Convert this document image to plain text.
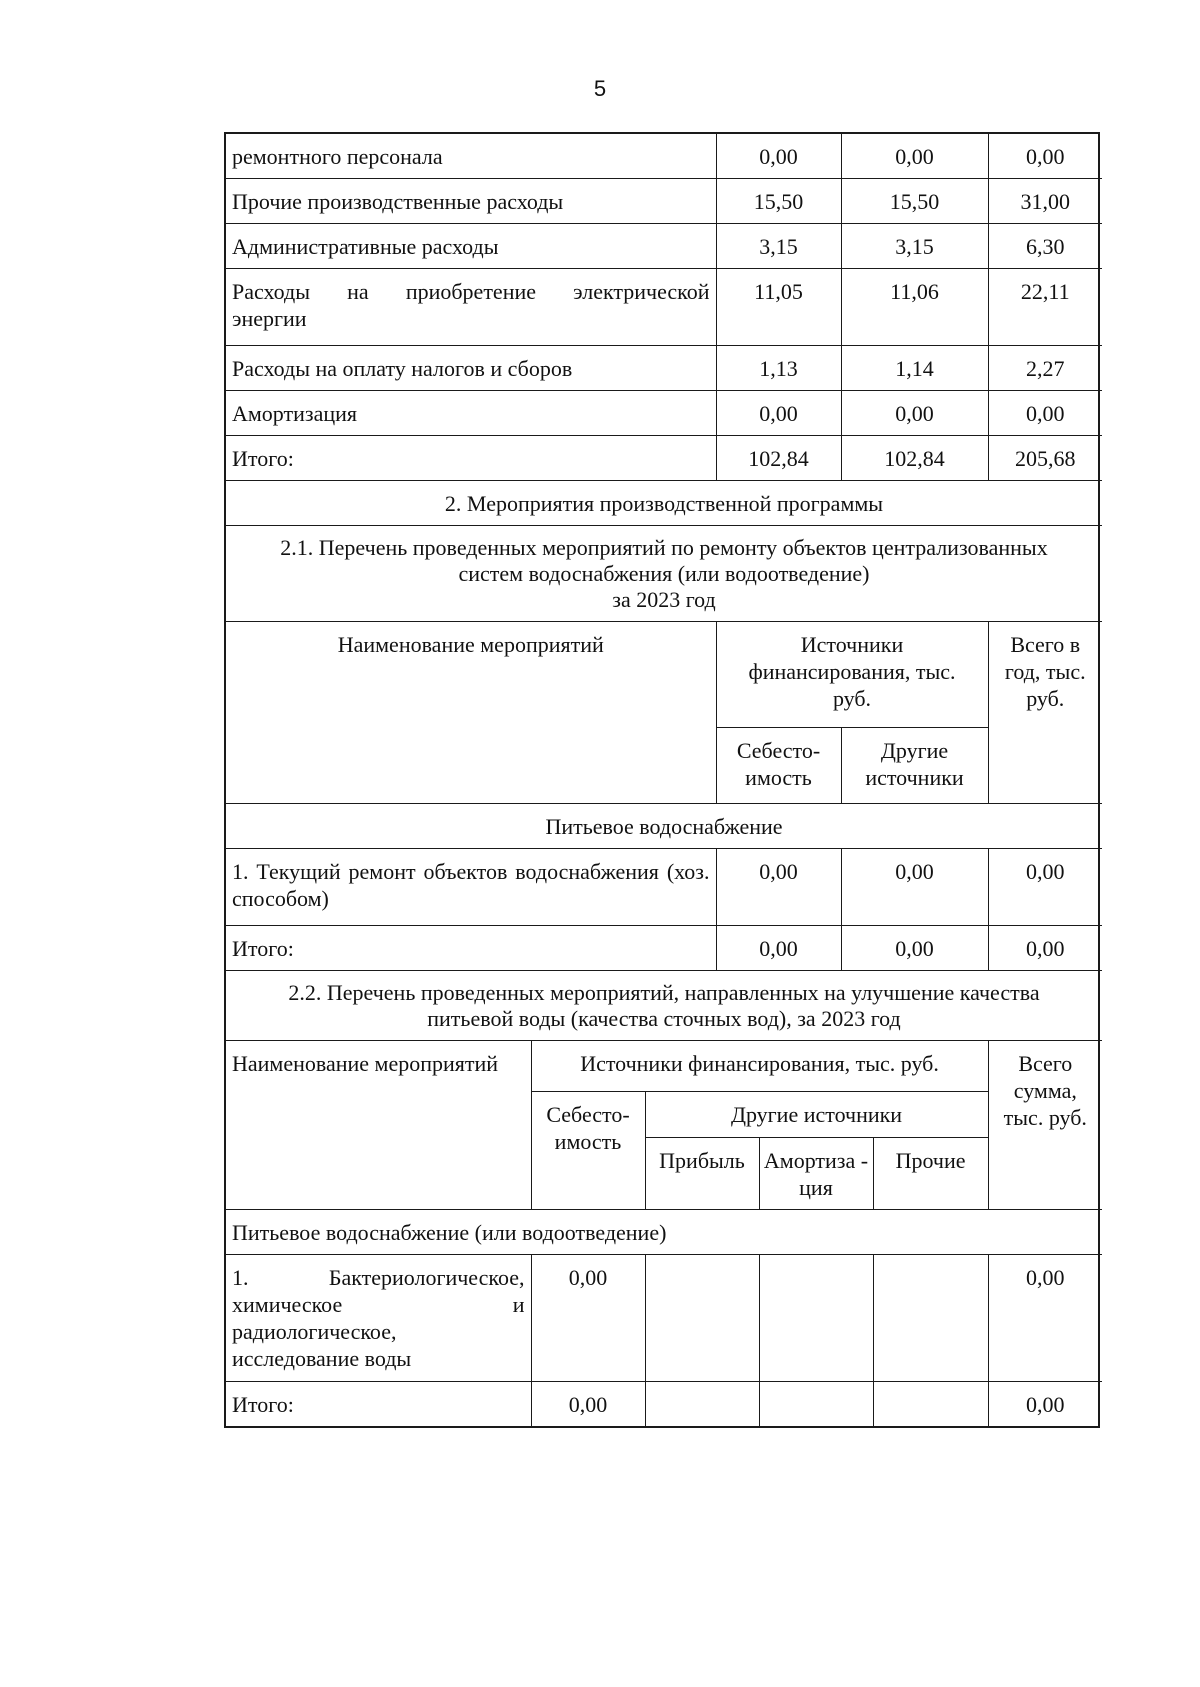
5
ремонтного персонала	0,00	0,00	0,00
Прочие производственные расходы	15,50	15,50	31,00
Административные расходы	3,15	3,15	6,30

Расходы на приобретение электрической
энергии	11,05	11,06	22,11
Расходы на оплату налогов и сборов	1,13	1,14	2,27
Амортизация	0,00	0,00	0,00
Итого:	102,84	102,84	205,68
2. Мероприятия производственной программы			

2.1. Перечень проведенных мероприятий по ремонту объектов централизованных
систем водоснабжения (или водоотведение)
за 2023 год			

Наименование мероприятий	Источники финансирования, тыс. руб.		Всего в год, тыс. руб.
	Себесто- имость	Другие источники	
Питьевое водоснабжение			
1. Текущий ремонт объектов водоснабжения (хоз. способом)	0,00	0,00	0,00
Итого:	0,00	0,00	0,00

2.2. Перечень проведенных мероприятий, направленных на улучшение качества
питьевой воды (качества сточных вод), за 2023 год			
Наименование мероприятий	Источники финансирования, тыс. руб.				Всего сумма, тыс. руб.
	Себесто- имость	Другие источники			
		Прибыль	Амортиза - ция	Прочие	
Питьевое водоснабжение (или водоотведение)					

1. Бактериологическое,
химическое и
радиологическое,
исследование воды	0,00				0,00
Итого:	0,00				0,00
